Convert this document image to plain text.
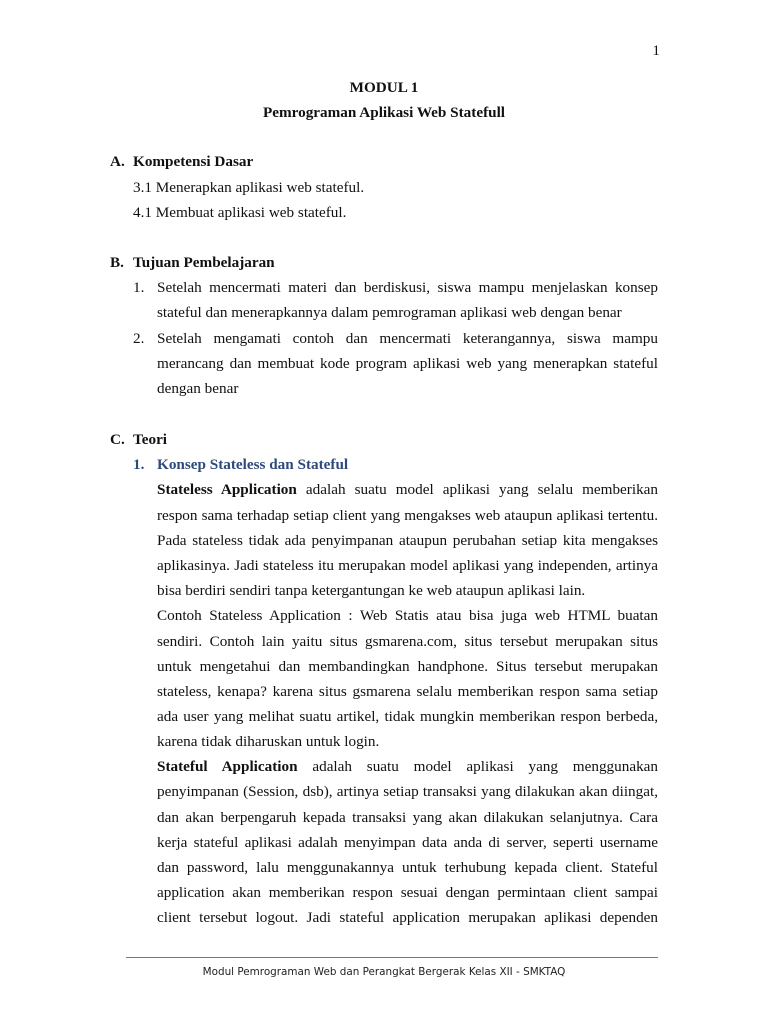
1
MODUL 1
Pemrograman Aplikasi Web Statefull
A. Kompetensi Dasar
3.1 Menerapkan aplikasi web stateful.
4.1 Membuat aplikasi web stateful.
B. Tujuan Pembelajaran
1. Setelah mencermati materi dan berdiskusi, siswa mampu menjelaskan konsep
stateful dan menerapkannya dalam pemrograman aplikasi web dengan benar
2. Setelah mengamati contoh dan mencermati keterangannya, siswa mampu
merancang dan membuat kode program aplikasi web yang menerapkan stateful
dengan benar
C. Teori
1. Konsep Stateless dan Stateful
Stateless Application adalah suatu model aplikasi yang selalu memberikan
respon sama terhadap setiap client yang mengakses web ataupun aplikasi tertentu.
Pada stateless tidak ada penyimpanan ataupun perubahan setiap kita mengakses
aplikasinya. Jadi stateless itu merupakan model aplikasi yang independen, artinya
bisa berdiri sendiri tanpa ketergantungan ke web ataupun aplikasi lain.
Contoh Stateless Application : Web Statis atau bisa juga web HTML buatan
sendiri. Contoh lain yaitu situs gsmarena.com, situs tersebut merupakan situs
untuk mengetahui dan membandingkan handphone. Situs tersebut merupakan
stateless, kenapa? karena situs gsmarena selalu memberikan respon sama setiap
ada user yang melihat suatu artikel, tidak mungkin memberikan respon berbeda,
karena tidak diharuskan untuk login.
Stateful Application adalah suatu model aplikasi yang menggunakan
penyimpanan (Session, dsb), artinya setiap transaksi yang dilakukan akan diingat,
dan akan berpengaruh kepada transaksi yang akan dilakukan selanjutnya. Cara
kerja stateful aplikasi adalah menyimpan data anda di server, seperti username
dan password, lalu menggunakannya untuk terhubung kepada client. Stateful
application akan memberikan respon sesuai dengan permintaan client sampai
client tersebut logout. Jadi stateful application merupakan aplikasi dependen
Modul Pemrograman Web dan Perangkat Bergerak Kelas XII - SMKTAQ
